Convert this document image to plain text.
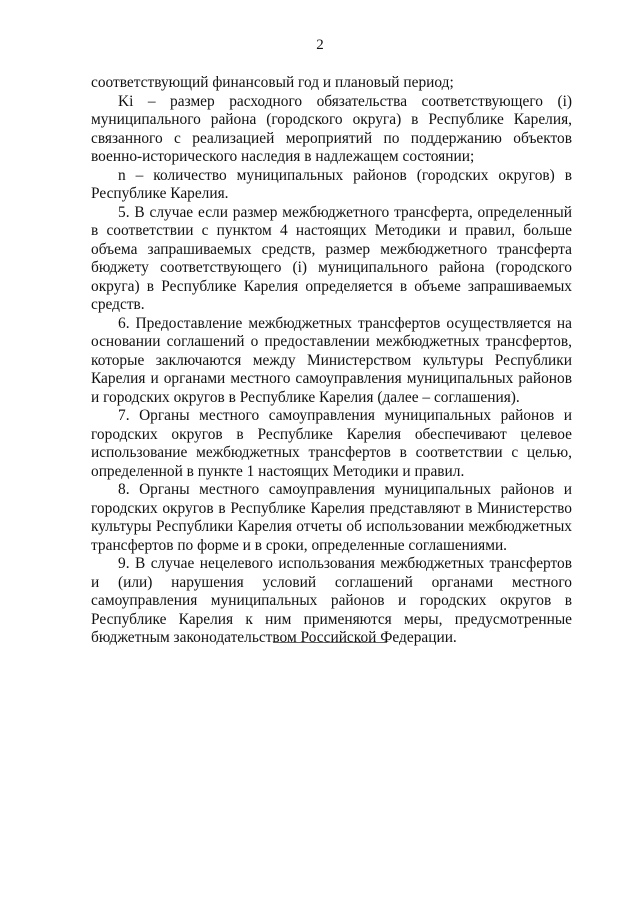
2

соответствующий финансовый год и плановый период;

Ki – размер расходного обязательства соответствующего (i) муниципального района (городского округа) в Республике Карелия, связанного с реализацией мероприятий по поддержанию объектов военно-исторического наследия в надлежащем состоянии;

n – количество муниципальных районов (городских округов) в Республике Карелия.

5. В случае если размер межбюджетного трансферта, определенный в соответствии с пунктом 4 настоящих Методики и правил, больше объема запрашиваемых средств, размер межбюджетного трансферта бюджету соответствующего (i) муниципального района (городского округа) в Республике Карелия определяется в объеме запрашиваемых средств.

6. Предоставление межбюджетных трансфертов осуществляется на основании соглашений о предоставлении межбюджетных трансфертов, которые заключаются между Министерством культуры Республики Карелия и органами местного самоуправления муниципальных районов и городских округов в Республике Карелия (далее – соглашения).

7. Органы местного самоуправления муниципальных районов и городских округов в Республике Карелия обеспечивают целевое использование межбюджетных трансфертов в соответствии с целью, определенной в пункте 1 настоящих Методики и правил.

8. Органы местного самоуправления муниципальных районов и городских округов в Республике Карелия представляют в Министерство культуры Республики Карелия отчеты об использовании межбюджетных трансфертов по форме и в сроки, определенные соглашениями.

9. В случае нецелевого использования межбюджетных трансфертов и (или) нарушения условий соглашений органами местного самоуправления муниципальных районов и городских округов в Республике Карелия к ним применяются меры, предусмотренные бюджетным законодательством Российской Федерации.
